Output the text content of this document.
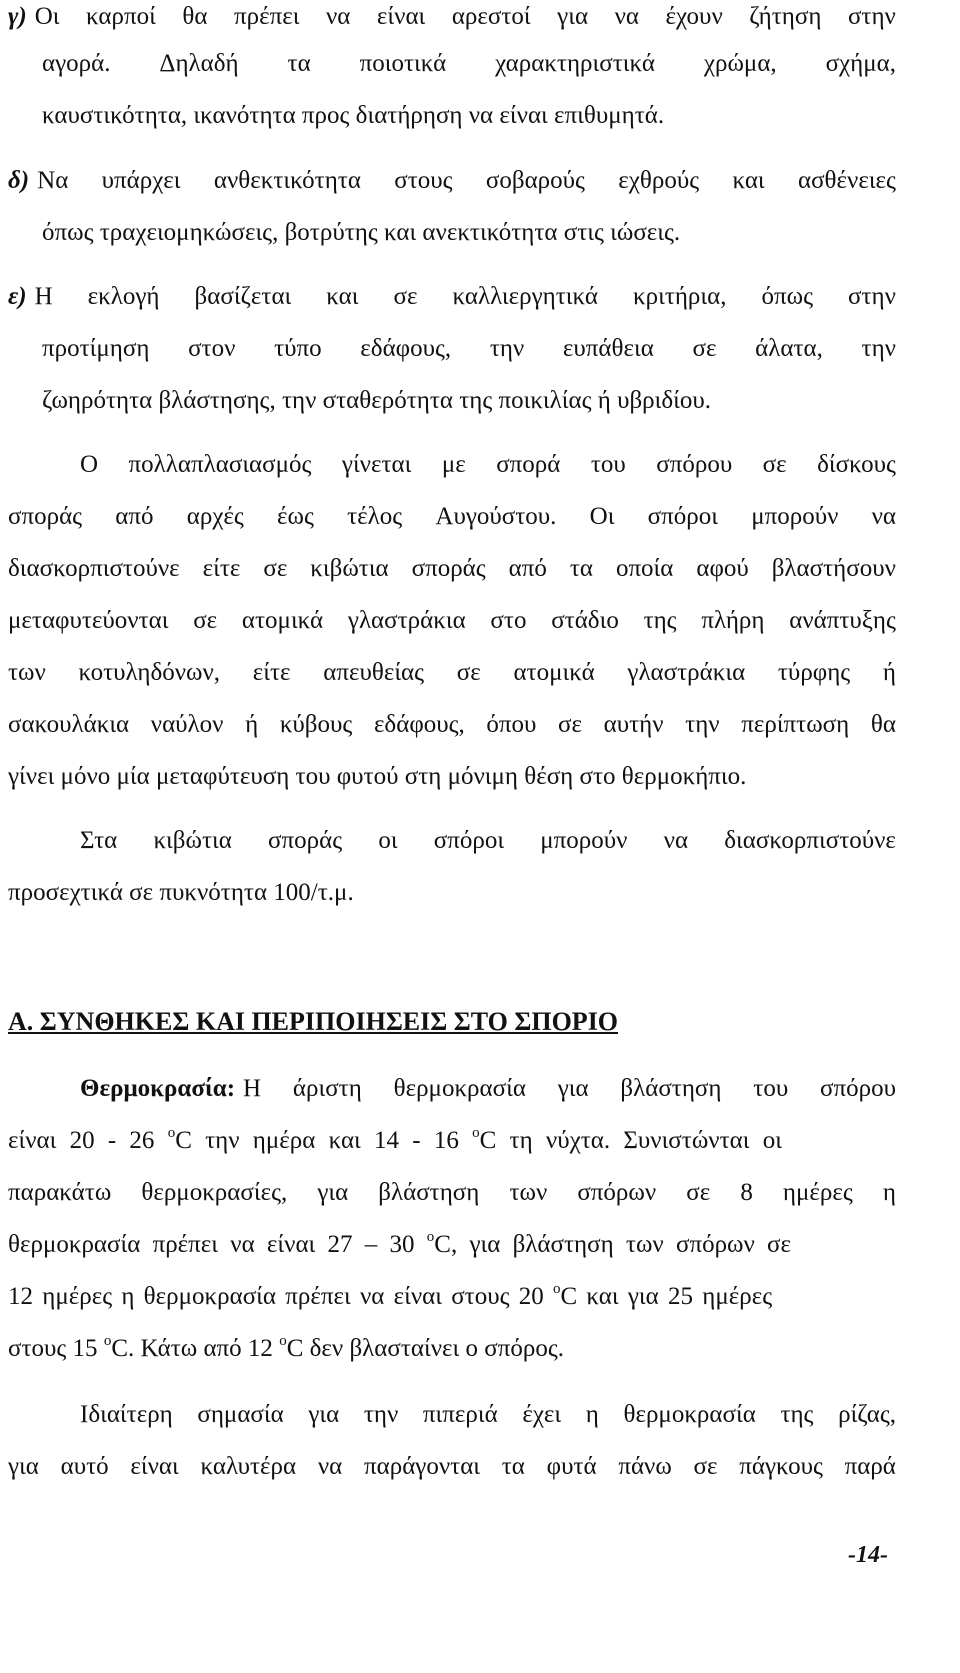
γ) Οι καρποί θα πρέπει να είναι αρεστοί για να έχουν ζήτηση στην
αγορά. Δηλαδή τα ποιοτικά χαρακτηριστικά χρώμα, σχήμα,
καυστικότητα, ικανότητα προς διατήρηση να είναι επιθυμητά.
δ) Να υπάρχει ανθεκτικότητα στους σοβαρούς εχθρούς και ασθένειες
όπως τραχειομηκώσεις, βοτρύτης και ανεκτικότητα στις ιώσεις.
ε) Η εκλογή βασίζεται και σε καλλιεργητικά κριτήρια, όπως στην
προτίμηση στον τύπο εδάφους, την ευπάθεια σε άλατα, την
ζωηρότητα βλάστησης, την σταθερότητα της ποικιλίας ή υβριδίου.
Ο πολλαπλασιασμός γίνεται με σπορά του σπόρου σε δίσκους
σποράς από αρχές έως τέλος Αυγούστου. Οι σπόροι μπορούν να
διασκορπιστούνε είτε σε κιβώτια σποράς από τα οποία αφού βλαστήσουν
μεταφυτεύονται σε ατομικά γλαστράκια στο στάδιο της πλήρη ανάπτυξης
των κοτυληδόνων, είτε απευθείας σε ατομικά γλαστράκια τύρφης ή
σακουλάκια ναύλον ή κύβους εδάφους, όπου σε αυτήν την περίπτωση θα
γίνει μόνο μία μεταφύτευση του φυτού στη μόνιμη θέση στο θερμοκήπιο.
Στα κιβώτια σποράς οι σπόροι μπορούν να διασκορπιστούνε
προσεχτικά σε πυκνότητα 100/τ.μ.
Α. ΣΥΝΘΗΚΕΣ ΚΑΙ ΠΕΡΙΠΟΙΗΣΕΙΣ ΣΤΟ ΣΠΟΡΙΟ
Θερμοκρασία: Η άριστη θερμοκρασία για βλάστηση του σπόρου
είναι 20 - 26 $^o$C την ημέρα και 14 - 16 $^o$C τη νύχτα. Συνιστώνται οι
παρακάτω θερμοκρασίες, για βλάστηση των σπόρων σε 8 ημέρες η
θερμοκρασία πρέπει να είναι 27 – 30 $^o$C, για βλάστηση των σπόρων σε
12 ημέρες η θερμοκρασία πρέπει να είναι στους 20 $^o$C και για 25 ημέρες
στους 15 $^o$C. Κάτω από 12 $^o$C δεν βλασταίνει ο σπόρος.
Ιδιαίτερη σημασία για την πιπεριά έχει η θερμοκρασία της ρίζας,
για αυτό είναι καλυτέρα να παράγονται τα φυτά πάνω σε πάγκους παρά
-14-
